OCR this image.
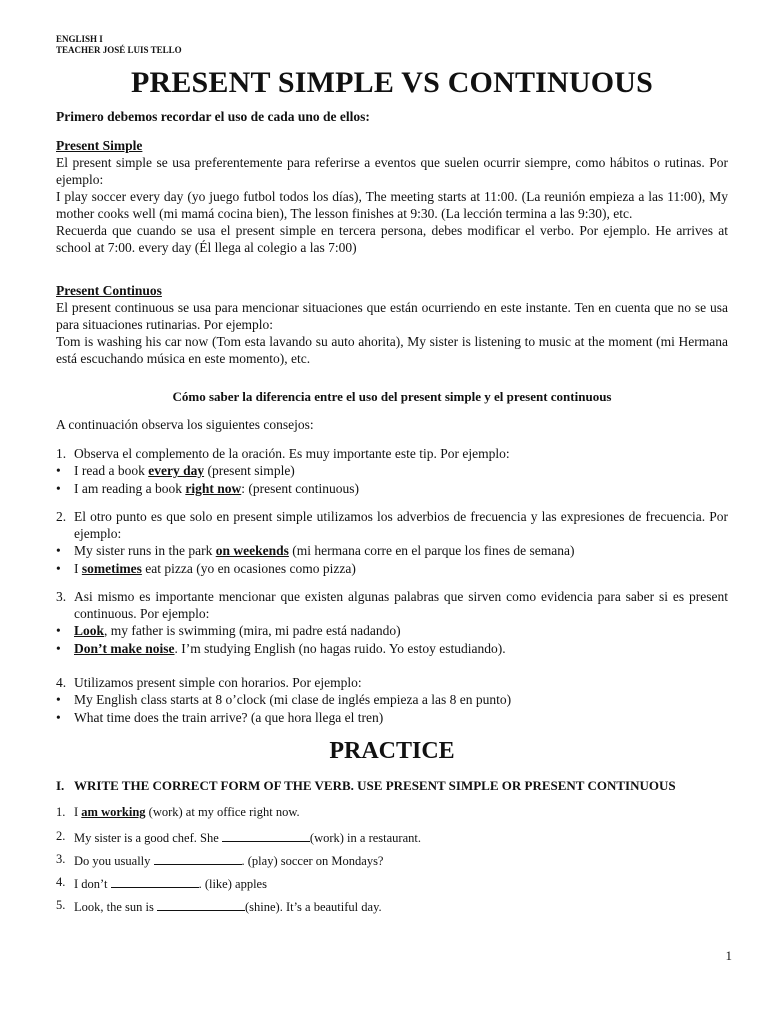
ENGLISH I
TEACHER JOSÉ LUIS TELLO
PRESENT SIMPLE VS CONTINUOUS
Primero debemos recordar el uso de cada uno de ellos:
Present Simple
El present simple se usa preferentemente para referirse a eventos que suelen ocurrir siempre, como hábitos o rutinas. Por ejemplo:
I play soccer every day (yo juego futbol todos los días), The meeting starts at 11:00. (La reunión empieza a las 11:00), My mother cooks well (mi mamá cocina bien), The lesson finishes at 9:30. (La lección termina a las 9:30), etc.
Recuerda que cuando se usa el present simple en tercera persona, debes modificar el verbo. Por ejemplo. He arrives at school at 7:00. every day (Él llega al colegio a las 7:00)
Present Continuos
El present continuous se usa para mencionar situaciones que están ocurriendo en este instante. Ten en cuenta que no se usa para situaciones rutinarias. Por ejemplo:
Tom is washing his car now (Tom esta lavando su auto ahorita), My sister is listening to music at the moment (mi Hermana está escuchando música en este momento), etc.
Cómo saber la diferencia entre el uso del present simple y el present continuous
A continuación observa los siguientes consejos:
1. Observa el complemento de la oración. Es muy importante este tip. Por ejemplo:
• I read a book every day (present simple)
• I am reading a book right now: (present continuous)
2. El otro punto es que solo en present simple utilizamos los adverbios de frecuencia y las expresiones de frecuencia. Por ejemplo:
• My sister runs in the park on weekends (mi hermana corre en el parque los fines de semana)
• I sometimes eat pizza (yo en ocasiones como pizza)
3. Asi mismo es importante mencionar que existen algunas palabras que sirven como evidencia para saber si es present continuous. Por ejemplo:
• Look, my father is swimming (mira, mi padre está nadando)
• Don’t make noise. I’m studying English (no hagas ruido. Yo estoy estudiando).
4. Utilizamos present simple con horarios. Por ejemplo:
• My English class starts at 8 o’clock (mi clase de inglés empieza a las 8 en punto)
• What time does the train arrive? (a que hora llega el tren)
PRACTICE
I. WRITE THE CORRECT FORM OF THE VERB. USE PRESENT SIMPLE OR PRESENT CONTINUOUS
1. I am working (work) at my office right now.
2. My sister is a good chef. She	(work) in a restaurant.
3. Do you usually	. (play) soccer on Mondays?
4. I don’t	. (like) apples
5. Look, the sun is	(shine). It’s a beautiful day.
1
